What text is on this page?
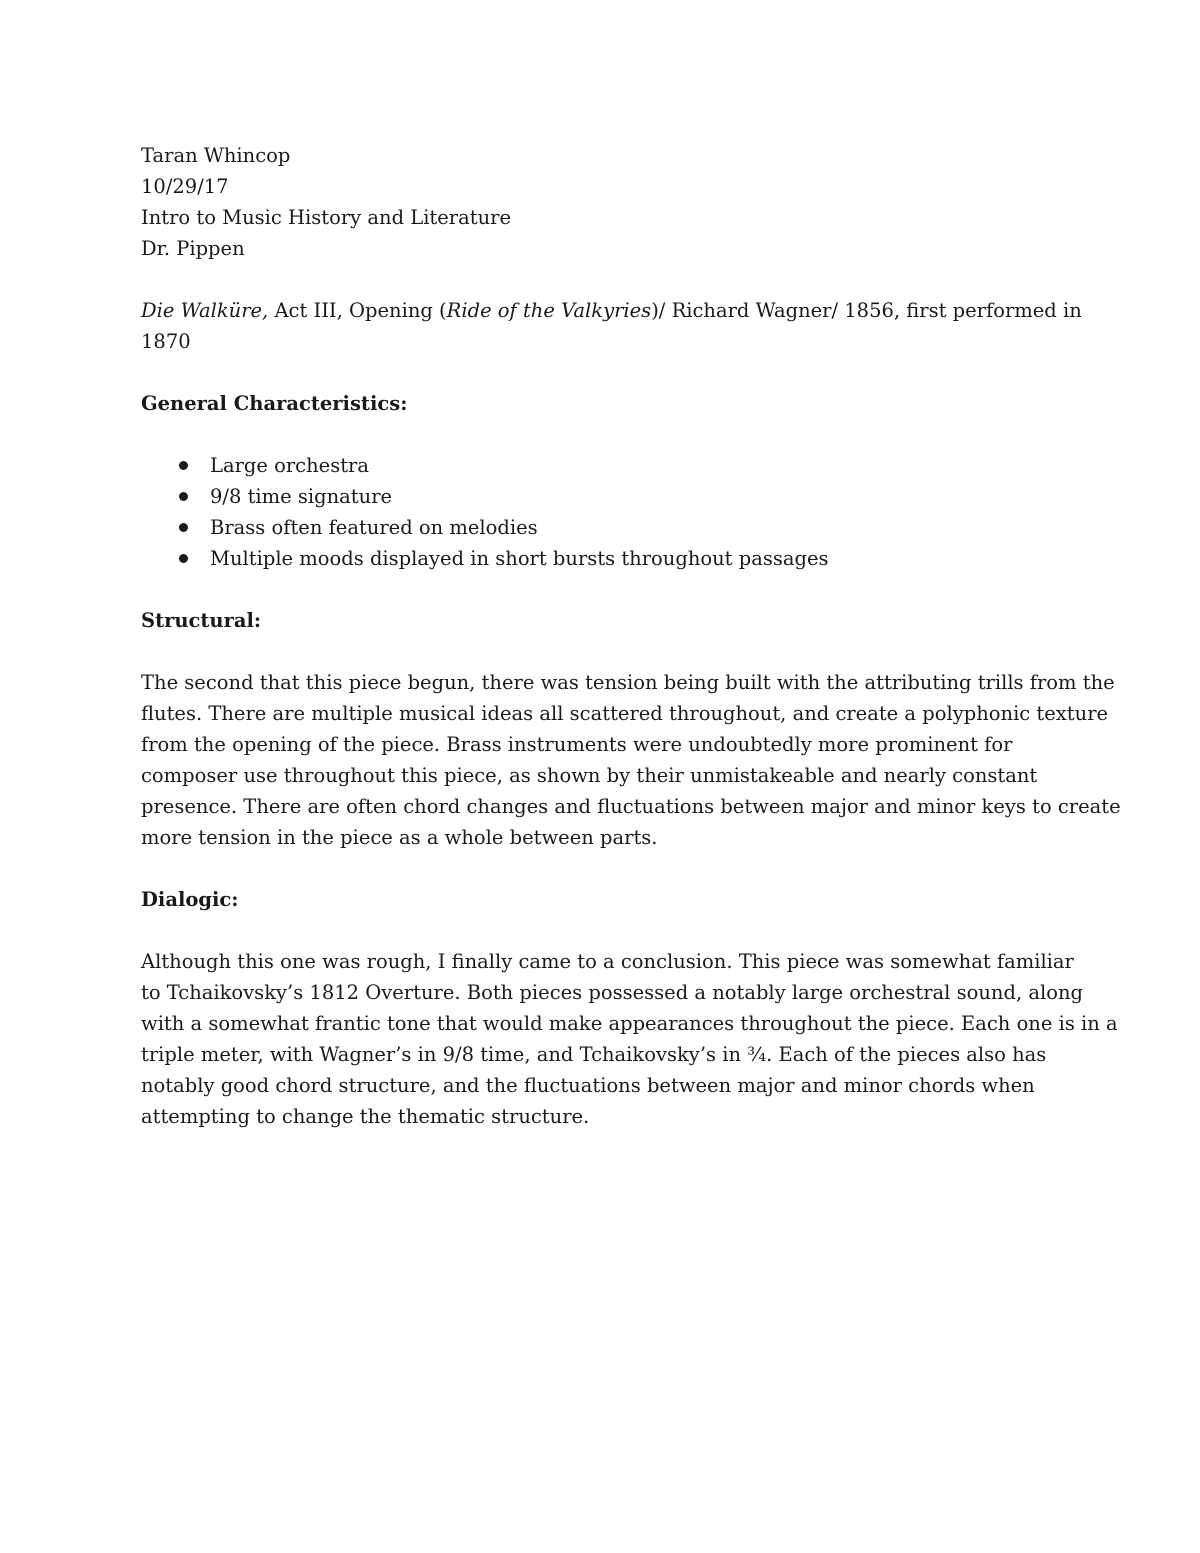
Taran Whincop

10/29/17

Intro to Music History and Literature

Dr. Pippen

Die Walküre, Act III, Opening (Ride of the Valkyries)/ Richard Wagner/ 1856, first performed in

1870

General Characteristics:

Large orchestra
9/8 time signature
Brass often featured on melodies
Multiple moods displayed in short bursts throughout passages

Structural:

The second that this piece begun, there was tension being built with the attributing trills from the

flutes. There are multiple musical ideas all scattered throughout, and create a polyphonic texture

from the opening of the piece. Brass instruments were undoubtedly more prominent for

composer use throughout this piece, as shown by their unmistakeable and nearly constant

presence. There are often chord changes and fluctuations between major and minor keys to create

more tension in the piece as a whole between parts.

Dialogic:

Although this one was rough, I finally came to a conclusion. This piece was somewhat familiar

to Tchaikovsky’s 1812 Overture. Both pieces possessed a notably large orchestral sound, along

with a somewhat frantic tone that would make appearances throughout the piece. Each one is in a

triple meter, with Wagner’s in 9/8 time, and Tchaikovsky’s in ¾. Each of the pieces also has

notably good chord structure, and the fluctuations between major and minor chords when

attempting to change the thematic structure.
